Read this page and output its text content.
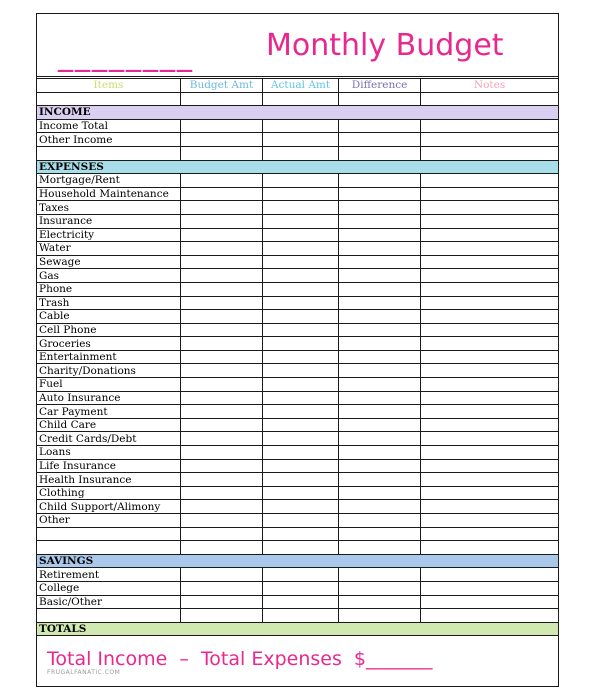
________ Monthly Budget
Items	Budget Amt	Actual Amt	Difference	Notes

INCOME				
Income Total				
Other Income				

EXPENSES				
Mortgage/Rent				
Household Maintenance				
Taxes				
Insurance				
Electricity				
Water				
Sewage				
Gas				
Phone				
Trash				
Cable				
Cell Phone				
Groceries				
Entertainment				
Charity/Donations				
Fuel				
Auto Insurance				
Car Payment				
Child Care				
Credit Cards/Debt				
Loans				
Life Insurance				
Health Insurance				
Clothing				
Child Support/Alimony				
Other				

SAVINGS				
Retirement				
College				
Basic/Other				

TOTALS				
Total Income – Total Expenses $_______
FRUGALFANATIC.COM
